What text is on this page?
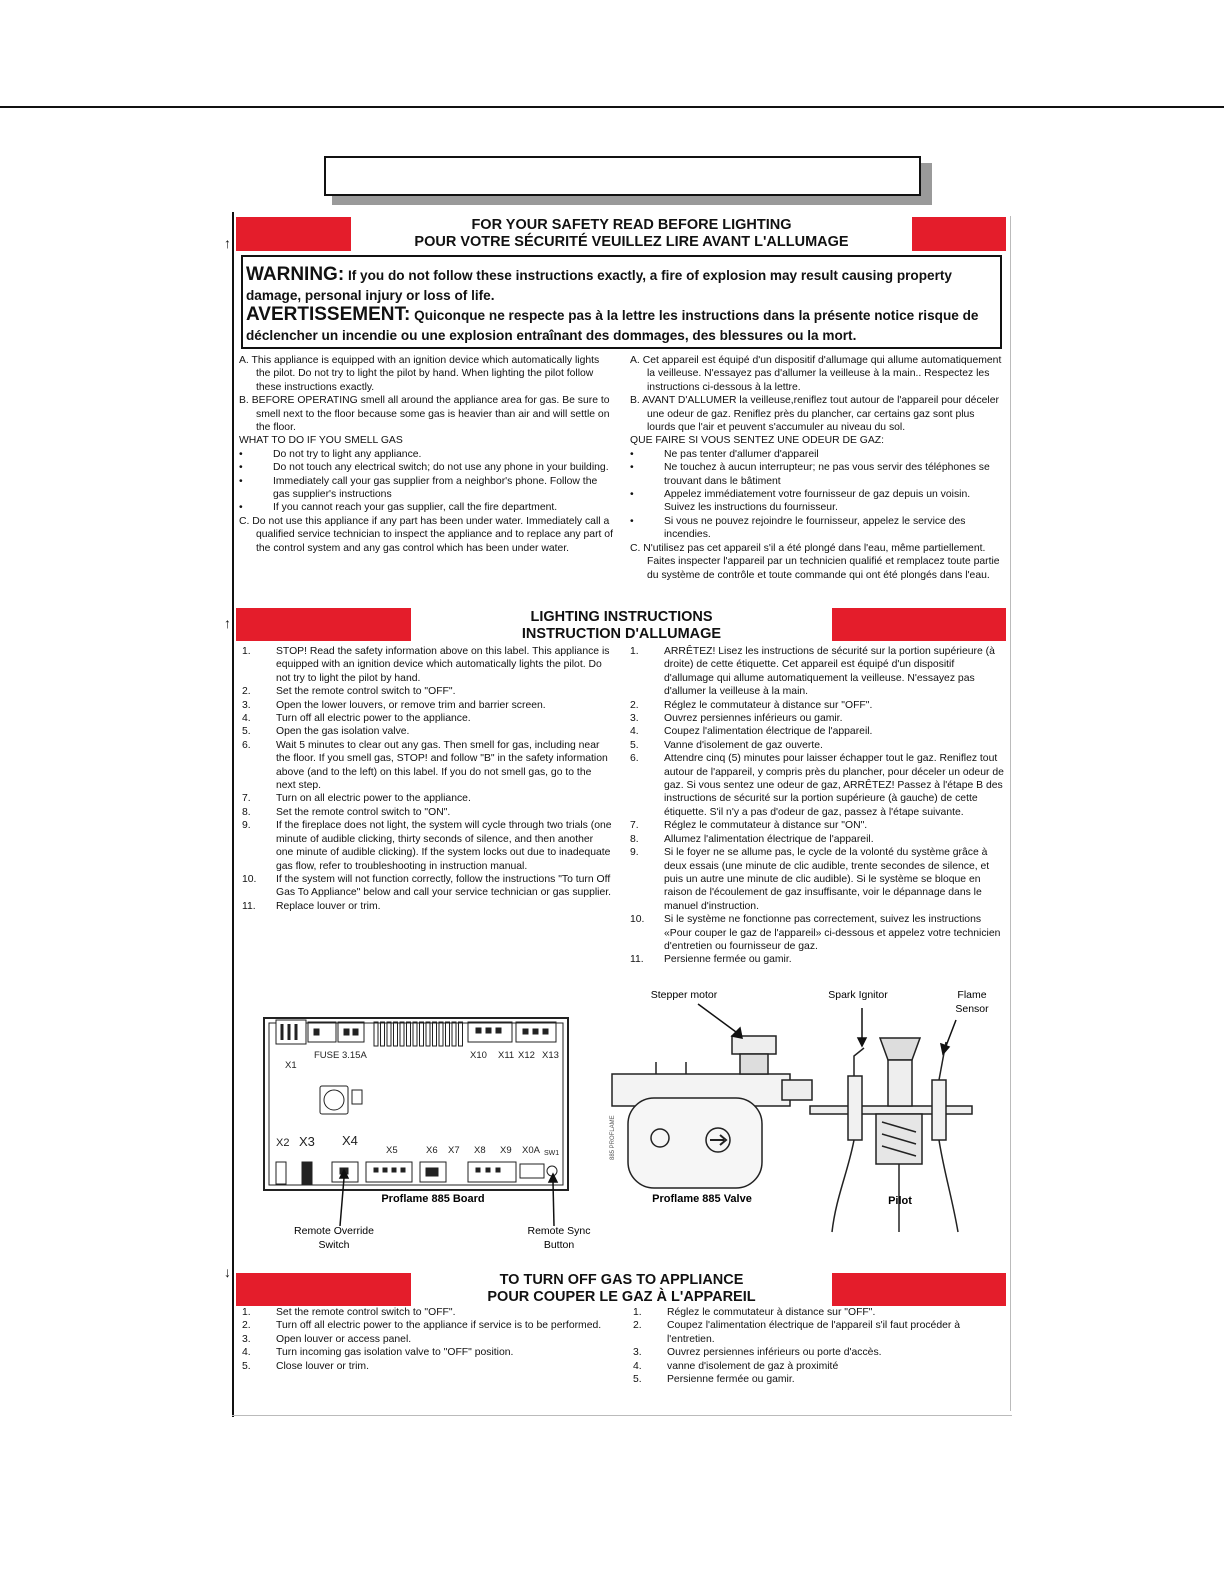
↑
↑
↓
FOR YOUR SAFETY READ BEFORE LIGHTING
POUR VOTRE SÉCURITÉ VEUILLEZ LIRE AVANT L'ALLUMAGE
WARNING: If you do not follow these instructions exactly, a fire of explosion may result causing property damage, personal injury or loss of life.
AVERTISSEMENT: Quiconque ne respecte pas à la lettre les instructions dans la présente notice risque de déclencher un incendie ou une explosion entraînant des dommages, des blessures ou la mort.

A. This appliance is equipped with an ignition device which automatically lights the pilot. Do not try to light the pilot by hand. When lighting the pilot follow these instructions exactly.

B. BEFORE OPERATING smell all around the appliance area for gas. Be sure to smell next to the floor because some gas is heavier than air and will settle on the floor.

WHAT TO DO IF YOU SMELL GAS

•	Do not try to light any appliance.
•	Do not touch any electrical switch; do not use any phone in your building.
•	Immediately call your gas supplier from a neighbor's phone. Follow the gas supplier's instructions
•	If you cannot reach your gas supplier, call the fire department.

C. Do not use this appliance if any part has been under water. Immediately call a qualified service technician to inspect the appliance and to replace any part of the control system and any gas control which has been under water.

A. Cet appareil est équipé d'un dispositif d'allumage qui allume automatiquement la veilleuse. N'essayez pas d'allumer la veilleuse à la main.. Respectez les instructions ci-dessous à la lettre.

B. AVANT D'ALLUMER la veilleuse,reniflez tout autour de l'appareil pour déceler une odeur de gaz. Reniflez près du plancher, car certains gaz sont plus lourds que l'air et peuvent s'accumuler au niveau du sol.

QUE FAIRE SI VOUS SENTEZ UNE ODEUR DE GAZ:

•	Ne pas tenter d'allumer d'appareil
•	Ne touchez à aucun interrupteur; ne pas vous servir des téléphones se trouvant dans le bâtiment
•	Appelez immédiatement votre fournisseur de gaz depuis un voisin. Suivez les instructions du fournisseur.
•	Si vous ne pouvez rejoindre le fournisseur, appelez le service des incendies.

C. N'utilisez pas cet appareil s'il a été plongé dans l'eau, même partiellement. Faites inspecter l'appareil par un technicien qualifié et remplacez toute partie du système de contrôle et toute commande qui ont été plongés dans l'eau.

LIGHTING INSTRUCTIONS
INSTRUCTION D'ALLUMAGE
1.	STOP! Read the safety information above on this label. This appliance is equipped with an ignition device which automatically lights the pilot. Do not try to light the pilot by hand.
2.	Set the remote control switch to "OFF".
3.	Open the lower louvers, or remove trim and barrier screen.
4.	Turn off all electric power to the appliance.
5.	Open the gas isolation valve.
6.	Wait 5 minutes to clear out any gas. Then smell for gas, including near the floor. If you smell gas, STOP! and follow "B" in the safety information above (and to the left) on this label. If you do not smell gas, go to the next step.
7.	Turn on all electric power to the appliance.
8.	Set the remote control switch to "ON".
9.	If the fireplace does not light, the system will cycle through two trials (one minute of audible clicking, thirty seconds of silence, and then another one minute of audible clicking). If the system locks out due to inadequate gas flow, refer to troubleshooting in instruction manual.
10.	If the system will not function correctly, follow the instructions "To turn Off Gas To Appliance" below and call your service technician or gas supplier.
11.	Replace louver or trim.
1.	ARRÊTEZ! Lisez les instructions de sécurité sur la portion supérieure (à droite) de cette étiquette. Cet appareil est équipé d'un dispositif d'allumage qui allume automatiquement la veilleuse. N'essayez pas d'allumer la veilleuse à la main.
2.	Réglez le commutateur à distance sur "OFF".
3.	Ouvrez persiennes inférieurs ou gamir.
4.	Coupez l'alimentation électrique de l'appareil.
5.	Vanne d'isolement de gaz ouverte.
6.	Attendre cinq (5) minutes pour laisser échapper tout le gaz. Reniflez tout autour de l'appareil, y compris près du plancher, pour déceler un odeur de gaz. Si vous sentez une odeur de gaz, ARRÊTEZ! Passez à l'étape B des instructions de sécurité sur la portion supérieure (à gauche) de cette étiquette. S'il n'y a pas d'odeur de gaz, passez à l'étape suivante.
7.	Réglez le commutateur à distance sur "ON".
8.	Allumez l'alimentation électrique de l'appareil.
9.	Si le foyer ne se allume pas, le cycle de la volonté du système grâce à deux essais (une minute de clic audible, trente secondes de silence, et puis un autre une minute de clic audible). Si le système se bloque en raison de l'écoulement de gaz insuffisante, voir le dépannage dans le manuel d'instruction.
10.	Si le système ne fonctionne pas correctement, suivez les instructions «Pour couper le gaz de l'appareil» ci-dessous et appelez votre technicien d'entretien ou fournisseur de gaz.
11.	Persienne fermée ou gamir.
FUSE 3.15A
X1
X10 X11 X12 X13
X2 X3 X4
X5	X6 X7 X8 X9 X0A SW1
Proflame 885 Board
Remote Override
Switch
Remote Sync
Button
885 PROFLAME
Stepper motor
Proflame 885 Valve
Spark Ignitor	Flame
Sensor
Pilot
TO TURN OFF GAS TO APPLIANCE
POUR COUPER LE GAZ À L'APPAREIL
1.	Set the remote control switch to "OFF".
2.	Turn off all electric power to the appliance if service is to be performed.
3.	Open louver or access panel.
4.	Turn incoming gas isolation valve to "OFF" position.
5.	Close louver or trim.
1.	Réglez le commutateur à distance sur "OFF".
2.	Coupez l'alimentation électrique de l'appareil s'il faut procéder à l'entretien.
3.	Ouvrez persiennes inférieurs ou porte d'accès.
4.	vanne d'isolement de gaz à proximité
5.	Persienne fermée ou gamir.
